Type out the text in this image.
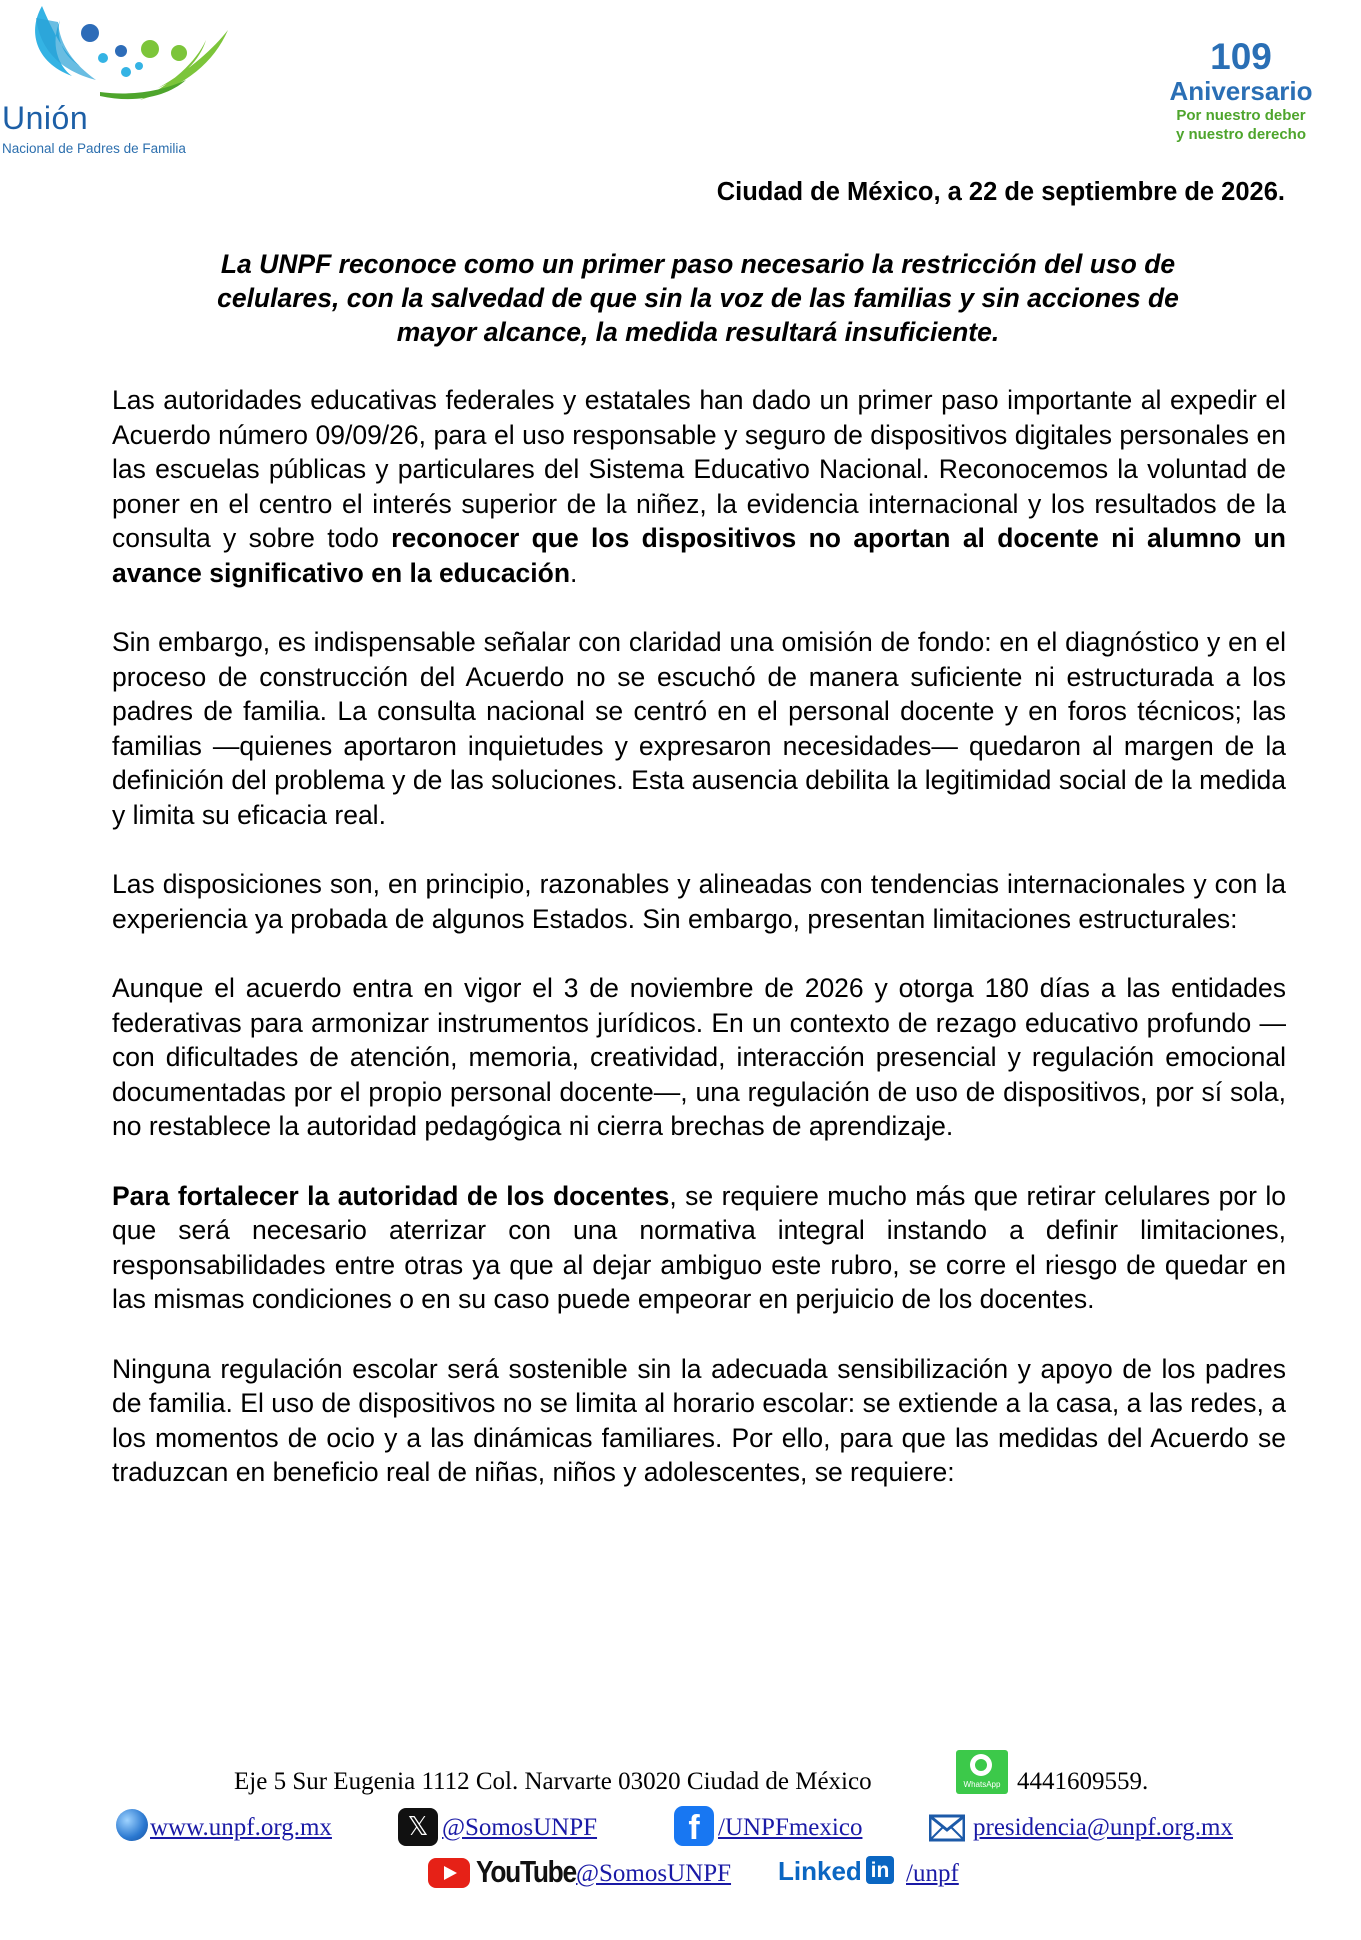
Unión
Nacional de Padres de Familia
109
Aniversario
Por nuestro deber
y nuestro derecho
Ciudad de México, a 22 de septiembre de 2026.
La UNPF reconoce como un primer paso necesario la restricción del uso de
celulares, con la salvedad de que sin la voz de las familias y sin acciones de
mayor alcance, la medida resultará insuficiente.

Las autoridades educativas federales y estatales han dado un primer paso importante al expedir el Acuerdo número 09/09/26, para el uso responsable y seguro de dispositivos digitales personales en las escuelas públicas y particulares del Sistema Educativo Nacional. Reconocemos la voluntad de poner en el centro el interés superior de la niñez, la evidencia internacional y los resultados de la consulta y sobre todo reconocer que los dispositivos no aportan al docente ni alumno un avance significativo en la educación.

Sin embargo, es indispensable señalar con claridad una omisión de fondo: en el diagnóstico y en el proceso de construcción del Acuerdo no se escuchó de manera suficiente ni estructurada a los padres de familia. La consulta nacional se centró en el personal docente y en foros técnicos; las familias —quienes aportaron inquietudes y expresaron necesidades— quedaron al margen de la definición del problema y de las soluciones. Esta ausencia debilita la legitimidad social de la medida y limita su eficacia real.

Las disposiciones son, en principio, razonables y alineadas con tendencias internacionales y con la experiencia ya probada de algunos Estados. Sin embargo, presentan limitaciones estructurales:

Aunque el acuerdo entra en vigor el 3 de noviembre de 2026 y otorga 180 días a las entidades federativas para armonizar instrumentos jurídicos. En un contexto de rezago educativo profundo —con dificultades de atención, memoria, creatividad, interacción presencial y regulación emocional documentadas por el propio personal docente—, una regulación de uso de dispositivos, por sí sola, no restablece la autoridad pedagógica ni cierra brechas de aprendizaje.

Para fortalecer la autoridad de los docentes, se requiere mucho más que retirar celulares por lo que será necesario aterrizar con una normativa integral instando a definir limitaciones, responsabilidades entre otras ya que al dejar ambiguo este rubro, se corre el riesgo de quedar en las mismas condiciones o en su caso puede empeorar en perjuicio de los docentes.

Ninguna regulación escolar será sostenible sin la adecuada sensibilización y apoyo de los padres de familia. El uso de dispositivos no se limita al horario escolar: se extiende a la casa, a las redes, a los momentos de ocio y a las dinámicas familiares. Por ello, para que las medidas del Acuerdo se traduzcan en beneficio real de niñas, niños y adolescentes, se requiere:

Eje 5 Sur Eugenia 1112 Col. Narvarte 03020 Ciudad de México	WhatsApp 4441609559.
www.unpf.org.mx	𝕏 @SomosUNPF	f /UNPFmexico	presidencia@unpf.org.mx
YouTube @SomosUNPF Linked in /unpf
